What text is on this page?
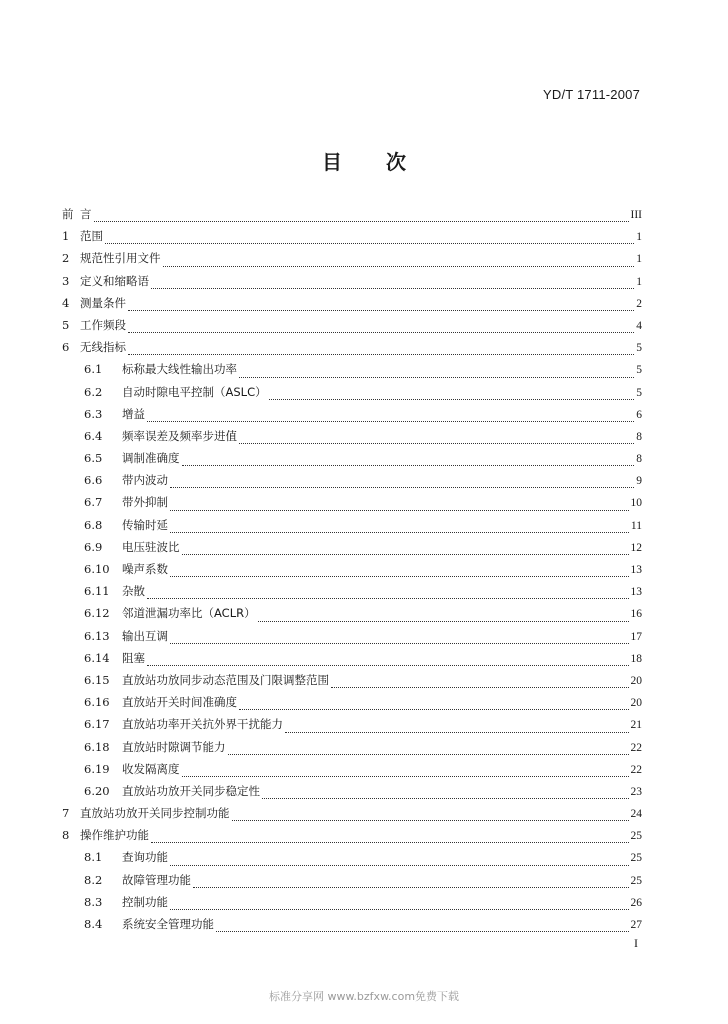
YD/T 1711-2007
目 次
前 言	III
1 范围	1
2 规范性引用文件	1
3 定义和缩略语	1
4 测量条件	2
5 工作频段	4
6 无线指标	5
6.1	标称最大线性输出功率	5
6.2	自动时隙电平控制（ASLC）	5
6.3	增益	6
6.4	频率误差及频率步进值	8
6.5	调制准确度	8
6.6	带内波动	9
6.7	带外抑制	10
6.8	传输时延	11
6.9	电压驻波比	12
6.10	噪声系数	13
6.11	杂散	13
6.12	邻道泄漏功率比（ACLR）	16
6.13	输出互调	17
6.14	阻塞	18
6.15	直放站功放同步动态范围及门限调整范围	20
6.16	直放站开关时间准确度	20
6.17	直放站功率开关抗外界干扰能力	21
6.18	直放站时隙调节能力	22
6.19	收发隔离度	22
6.20	直放站功放开关同步稳定性	23
7 直放站功放开关同步控制功能	24
8 操作维护功能	25
8.1	查询功能	25
8.2	故障管理功能	25
8.3	控制功能	26
8.4	系统安全管理功能	27
I
标准分享网 www.bzfxw.com免费下载
